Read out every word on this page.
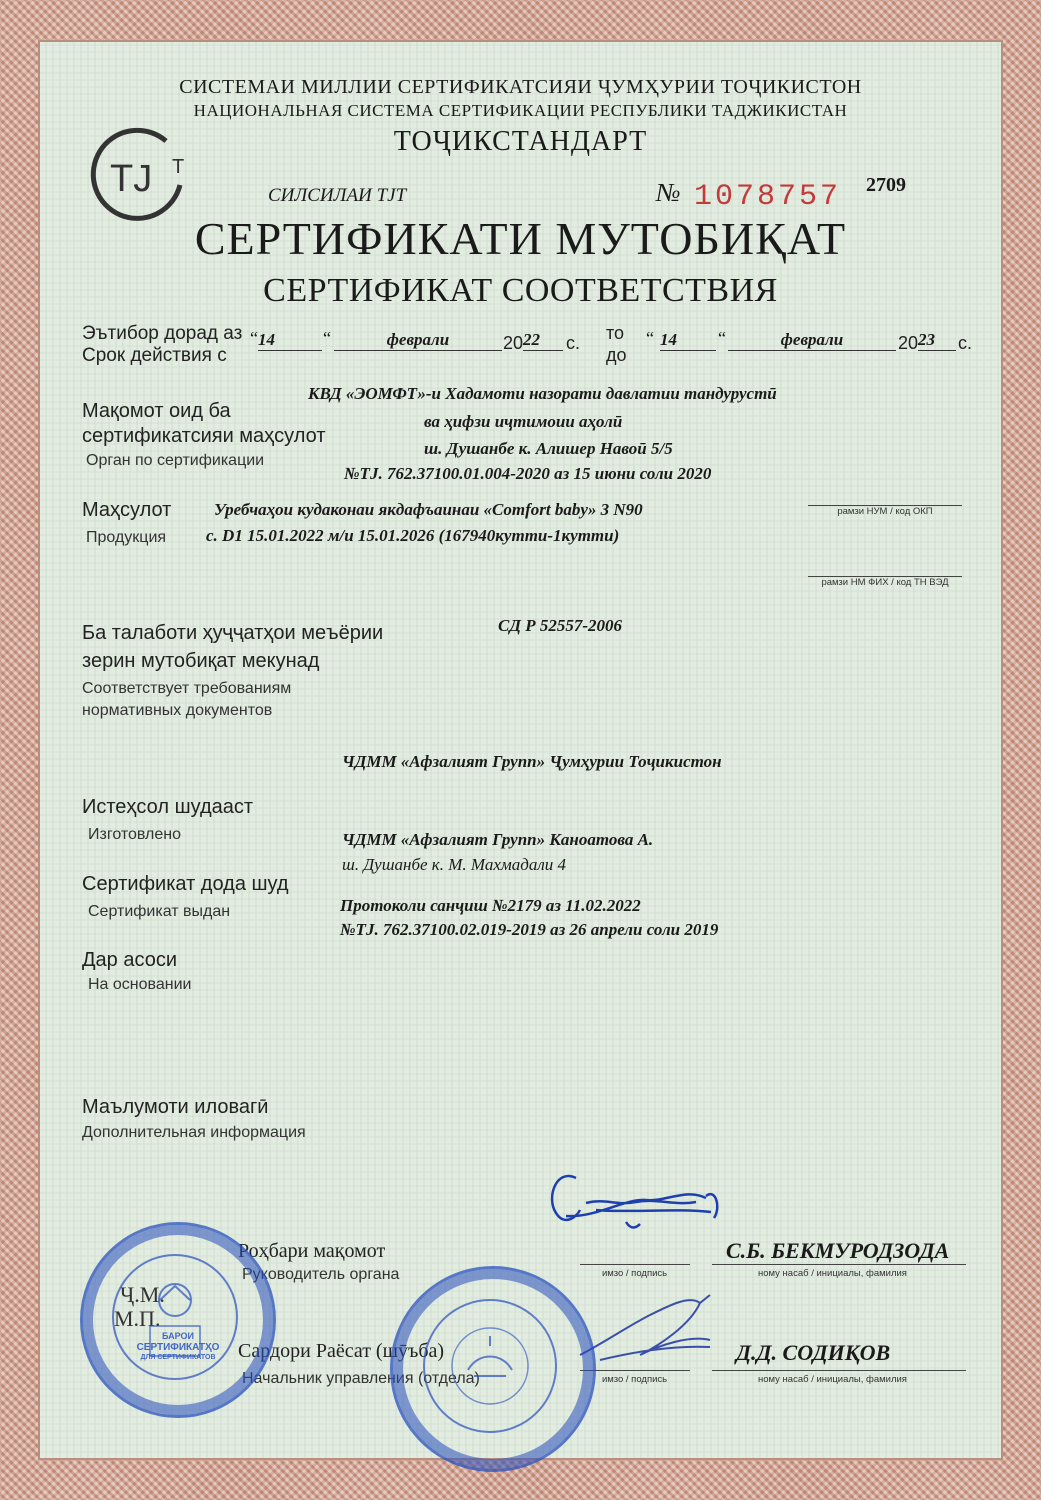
СИСТЕМАИ МИЛЛИИ СЕРТИФИКАТСИЯИ ҶУМҲУРИИ ТОҶИКИСТОН
НАЦИОНАЛЬНАЯ СИСТЕМА СЕРТИФИКАЦИИ РЕСПУБЛИКИ ТАДЖИКИСТАН
ТОҶИКСТАНДАРТ
TJ T
СИЛСИЛАИ TJT	№ 1078757 2709
СЕРТИФИКАТИ МУТОБИҚАТ
СЕРТИФИКАТ СООТВЕТСТВИЯ
Эътибор дорад аз
Срок действия с
“ 14	“	феврали	20 22	с. то
до
“ 14	“	феврали	20 23	с.
Мақомот оид ба
сертификатсияи маҳсулот
Орган по сертификации
КВД «ЭОМФТ»-и Хадамоти назорати давлатии тандурустӣ
ва ҳифзи иҷтимоии аҳолӣ
ш. Душанбе к. Алишер Навоӣ 5/5
№TJ. 762.37100.01.004-2020 аз 15 июни соли 2020
Маҳсулот
Продукция
Уребчаҳои кудаконаи якдафъаинаи «Comfort baby» 3 N90
с. D1 15.01.2022 м/и 15.01.2026 (167940кутти-1кутти)
рамзи НУМ / код ОКП
рамзи НМ ФИХ / код ТН ВЭД
Ба талаботи ҳуҷҷатҳои меъёрии
зерин мутобиқат мекунад
Соответствует требованиям
нормативных документов
СД Р 52557-2006
ЧДММ «Афзалият Групп» Ҷумҳурии Тоҷикистон
Истеҳсол шудааст
Изготовлено	ЧДММ «Афзалият Групп» Каноатова А.
ш. Душанбе к. М. Махмадали 4
Сертификат дода шуд
Сертификат выдан	Протоколи санҷиш №2179 аз 11.02.2022
№TJ. 762.37100.02.019-2019 аз 26 апрели соли 2019
Дар асоси
На основании
Маълумоти иловагӣ
Дополнительная информация
Роҳбари мақомот
Руководитель органа	имзо / подпись
С.Б. БЕКМУРОДЗОДА
ному насаб / инициалы, фамилия
Сардори Раёсат (шӯъба)
Начальник управления (отдела)	имзо / подпись
Д.Д. СОДИҚОВ
ному насаб / инициалы, фамилия
Ҷ.М.
М.П.
БАРОИ
СЕРТИФИКАТҲО
ДЛЯ СЕРТИФИКАТОВ
